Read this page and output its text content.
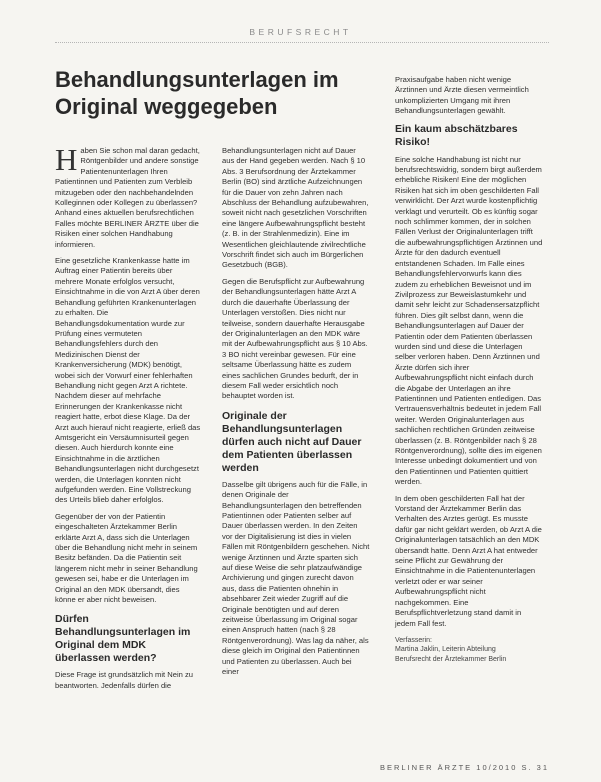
BERUFSRECHT
Behandlungsunterlagen im
Original weggegeben

Haben Sie schon mal daran gedacht, Röntgenbilder und andere sonstige Patientenunterlagen Ihren Patientinnen und Patienten zum Verbleib mitzugeben oder den nachbehandelnden Kolleginnen oder Kollegen zu überlassen? Anhand eines aktuellen berufsrechtlichen Falles möchte BERLINER ÄRZTE über die Risiken einer solchen Handhabung informieren.

Eine gesetzliche Krankenkasse hatte im Auftrag einer Patientin bereits über mehrere Monate erfolglos versucht, Einsichtnahme in die von Arzt A über deren Behandlung geführten Krankenunterlagen zu erhalten. Die Behandlungsdokumentation wurde zur Prüfung eines vermuteten Behandlungsfehlers durch den Medizinischen Dienst der Krankenversicherung (MDK) benötigt, wobei sich der Vorwurf einer fehlerhaften Behandlung nicht gegen Arzt A richtete. Nachdem dieser auf mehrfache Erinnerungen der Krankenkasse nicht reagiert hatte, erbot diese Klage. Da der Arzt auch hierauf nicht reagierte, erließ das Amtsgericht ein Versäumnisurteil gegen diesen. Auch hierdurch konnte eine Einsichtnahme in die ärztlichen Behandlungsunterlagen nicht durchgesetzt werden, die Unterlagen konnten nicht aufgefunden werden. Eine Vollstreckung des Urteils blieb daher erfolglos.

Gegenüber der von der Patientin eingeschalteten Ärztekammer Berlin erklärte Arzt A, dass sich die Unterlagen über die Behandlung nicht mehr in seinem Besitz befänden. Da die Patientin seit längerem nicht mehr in seiner Behandlung gewesen sei, habe er die Unterlagen im Original an den MDK übersandt, dies könne er aber nicht beweisen.

Dürfen Behandlungsunterlagen im Original dem MDK überlassen werden?

Diese Frage ist grundsätzlich mit Nein zu beantworten. Jedenfalls dürfen die

Behandlungsunterlagen nicht auf Dauer aus der Hand gegeben werden. Nach § 10 Abs. 3 Berufsordnung der Ärztekammer Berlin (BO) sind ärztliche Aufzeichnungen für die Dauer von zehn Jahren nach Abschluss der Behandlung aufzubewahren, soweit nicht nach gesetzlichen Vorschriften eine längere Aufbewahrungspflicht besteht (z. B. in der Strahlenmedizin). Eine im Wesentlichen gleichlautende zivilrechtliche Vorschrift findet sich auch im Bürgerlichen Gesetzbuch (BGB).

Gegen die Berufspflicht zur Aufbewahrung der Behandlungsunterlagen hätte Arzt A durch die dauerhafte Überlassung der Unterlagen verstoßen. Dies nicht nur teilweise, sondern dauerhafte Herausgabe der Originalunterlagen an den MDK wäre mit der Aufbewahrungspflicht aus § 10 Abs. 3 BO nicht vereinbar gewesen. Für eine seltsame Überlassung hätte es zudem eines sachlichen Grundes bedurft, der in diesem Fall weder ersichtlich noch behauptet worden ist.

Originale der Behandlungsunterlagen dürfen auch nicht auf Dauer dem Patienten überlassen werden

Dasselbe gilt übrigens auch für die Fälle, in denen Originale der Behandlungsunterlagen den betreffenden Patientinnen oder Patienten selber auf Dauer überlassen werden. In den Zeiten vor der Digitalisierung ist dies in vielen Fällen mit Röntgenbildern geschehen. Nicht wenige Ärztinnen und Ärzte sparten sich auf diese Weise die sehr platzaufwändige Archivierung und gingen zurecht davon aus, dass die Patienten ohnehin in absehbarer Zeit wieder Zugriff auf die Originale benötigten und auf deren zeitweise Überlassung im Original sogar einen Anspruch hatten (nach § 28 Röntgenverordnung). Was lag da näher, als diese gleich im Original den Patientinnen und Patienten zu überlassen. Auch bei einer

Praxisaufgabe haben nicht wenige Ärztinnen und Ärzte diesen vermeintlich unkomplizierten Umgang mit ihren Behandlungsunterlagen gewählt.

Ein kaum abschätzbares Risiko!

Eine solche Handhabung ist nicht nur berufsrechtswidrig, sondern birgt außerdem erhebliche Risiken! Eine der möglichen Risiken hat sich im oben geschilderten Fall verwirklicht. Der Arzt wurde kostenpflichtig verklagt und verurteilt. Ob es künftig sogar noch schlimmer kommen, der in solchen Fällen Verlust der Originalunterlagen trifft die aufbewahrungspflichtigen Ärztinnen und Ärzte für den dadurch eventuell entstandenen Schaden. Im Falle eines Behandlungsfehlervorwurfs kann dies zudem zu erheblichen Beweisnot und im Zivilprozess zur Beweislastumkehr und damit sehr leicht zur Schadensersatzpflicht führen. Dies gilt selbst dann, wenn die Behandlungsunterlagen auf Dauer der Patientin oder dem Patienten überlassen wurden sind und diese die Unterlagen selber verloren haben. Denn Ärztinnen und Ärzte dürfen sich ihrer Aufbewahrungspflicht nicht einfach durch die Abgabe der Unterlagen an ihre Patientinnen und Patienten entledigen. Das Vertrauensverhältnis bedeutet in jedem Fall weiter. Werden Originalunterlagen aus sachlichen rechtlichen Gründen zeitweise überlassen (z. B. Röntgenbilder nach § 28 Röntgenverordnung), sollte dies im eigenen Interesse unbedingt dokumentiert und von den Patientinnen und Patienten quittiert werden.

In dem oben geschilderten Fall hat der Vorstand der Ärztekammer Berlin das Verhalten des Arztes gerügt. Es musste dafür gar nicht geklärt werden, ob Arzt A die Originalunterlagen tatsächlich an den MDK übersandt hatte. Denn Arzt A hat entweder seine Pflicht zur Gewährung der Einsichtnahme in die Patientenunterlagen verletzt oder er war seiner Aufbewahrungspflicht nicht nachgekommen. Eine Berufspflichtverletzung stand damit in jedem Fall fest.

Verfasserin:
Martina Jaklin, Leiterin Abteilung
Berufsrecht der Ärztekammer Berlin
BERLINER ÄRZTE 10/2010 S. 31
